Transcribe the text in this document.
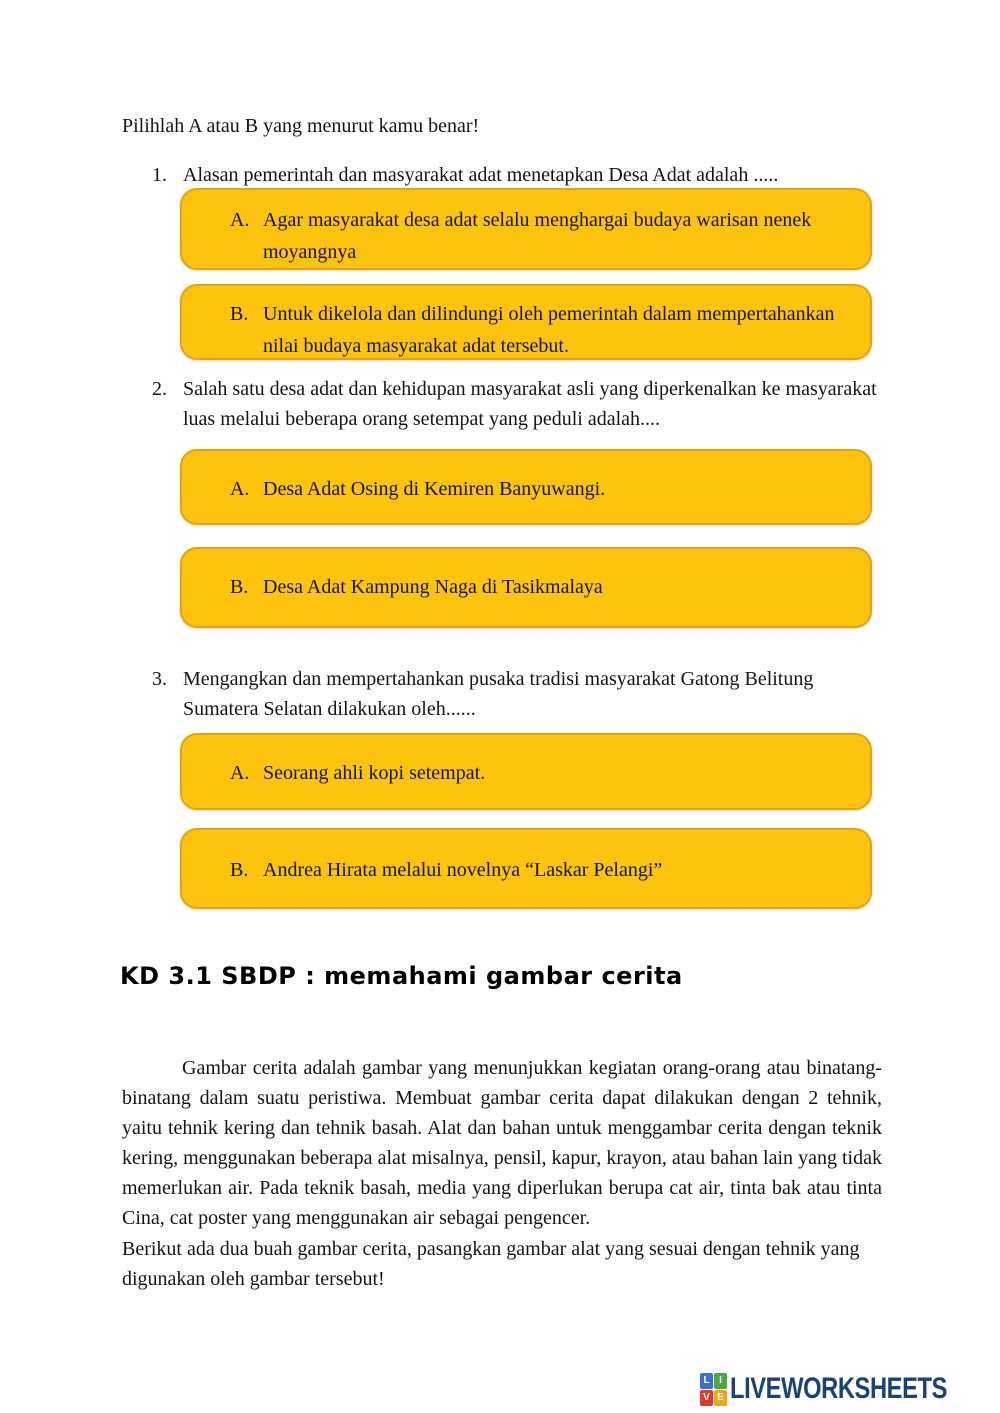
Pilihlah A atau B yang menurut kamu benar!
1. Alasan pemerintah dan masyarakat adat menetapkan Desa Adat adalah .....
A. Agar masyarakat desa adat selalu menghargai budaya warisan nenek moyangnya
B. Untuk dikelola dan dilindungi oleh pemerintah dalam mempertahankan nilai budaya masyarakat adat tersebut.
2. Salah satu desa adat dan kehidupan masyarakat asli yang diperkenalkan ke masyarakat luas melalui beberapa orang setempat yang peduli adalah....
A. Desa Adat Osing di Kemiren Banyuwangi.
B. Desa Adat Kampung Naga di Tasikmalaya
3. Mengangkan dan mempertahankan pusaka tradisi masyarakat Gatong Belitung Sumatera Selatan dilakukan oleh......
A. Seorang ahli kopi setempat.
B. Andrea Hirata melalui novelnya “Laskar Pelangi”
KD 3.1 SBDP : memahami gambar cerita
Gambar cerita adalah gambar yang menunjukkan kegiatan orang-orang atau binatang-binatang dalam suatu peristiwa. Membuat gambar cerita dapat dilakukan dengan 2 tehnik, yaitu tehnik kering dan tehnik basah. Alat dan bahan untuk menggambar cerita dengan teknik kering, menggunakan beberapa alat misalnya, pensil, kapur, krayon, atau bahan lain yang tidak memerlukan air. Pada teknik basah, media yang diperlukan berupa cat air, tinta bak atau tinta Cina, cat poster yang menggunakan air sebagai pengencer.
Berikut ada dua buah gambar cerita, pasangkan gambar alat yang sesuai dengan tehnik yang digunakan oleh gambar tersebut!
L I
V E LIVEWORKSHEETS
